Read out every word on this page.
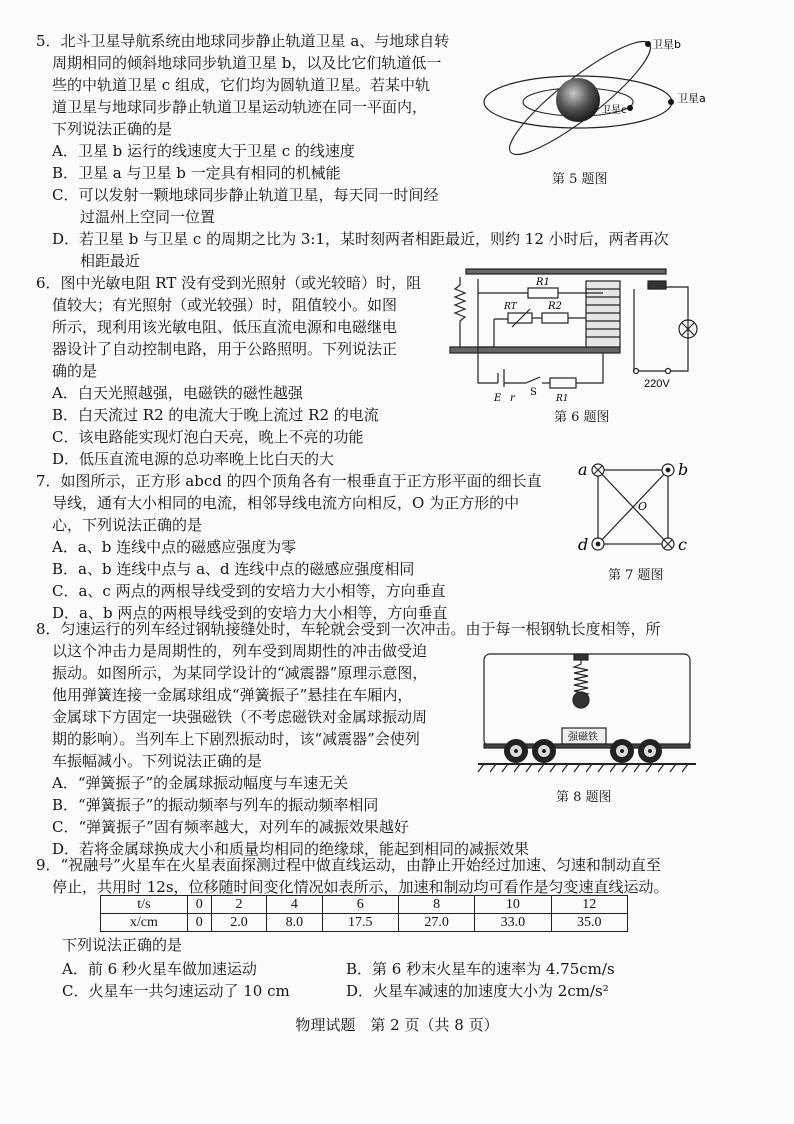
5．北斗卫星导航系统由地球同步静止轨道卫星 a、与地球自转
周期相同的倾斜地球同步轨道卫星 b，以及比它们轨道低一
些的中轨道卫星 c 组成，它们均为圆轨道卫星。若某中轨
道卫星与地球同步静止轨道卫星运动轨迹在同一平面内，
下列说法正确的是
A．卫星 b 运行的线速度大于卫星 c 的线速度
B．卫星 a 与卫星 b 一定具有相同的机械能
C．可以发射一颗地球同步静止轨道卫星，每天同一时间经
过温州上空同一位置
D．若卫星 b 与卫星 c 的周期之比为 3:1，某时刻两者相距最近，则约 12 小时后，两者再次
相距最近
卫星b
卫星c
卫星a
第 5 题图
6．图中光敏电阻 RT 没有受到光照射（或光较暗）时，阻
值较大；有光照射（或光较强）时，阻值较小。如图
所示，现利用该光敏电阻、低压直流电源和电磁继电
器设计了自动控制电路，用于公路照明。下列说法正
确的是
A．白天光照越强，电磁铁的磁性越强
B．白天流过 R2 的电流大于晚上流过 R2 的电流
C．该电路能实现灯泡白天亮，晚上不亮的功能
D．低压直流电源的总功率晚上比白天的大
R1
RT	R2
E r
S
R1
220V
第 6 题图
7．如图所示，正方形 abcd 的四个顶角各有一根垂直于正方形平面的细长直
导线，通有大小相同的电流，相邻导线电流方向相反，O 为正方形的中
心，下列说法正确的是
A．a、b 连线中点的磁感应强度为零
B．a、b 连线中点与 a、d 连线中点的磁感应强度相同
C．a、c 两点的两根导线受到的安培力大小相等，方向垂直
D．a、b 两点的两根导线受到的安培力大小相等，方向垂直
a	b
c
d
O
第 7 题图
8．匀速运行的列车经过钢轨接缝处时，车轮就会受到一次冲击。由于每一根钢轨长度相等，所
以这个冲击力是周期性的，列车受到周期性的冲击做受迫
振动。如图所示，为某同学设计的“减震器”原理示意图，
他用弹簧连接一金属球组成“弹簧振子”悬挂在车厢内，
金属球下方固定一块强磁铁（不考虑磁铁对金属球振动周
期的影响）。当列车上下剧烈振动时，该“减震器”会使列
车振幅减小。下列说法正确的是
A．“弹簧振子”的金属球振动幅度与车速无关
B．“弹簧振子”的振动频率与列车的振动频率相同
C．“弹簧振子”固有频率越大，对列车的减振效果越好
D．若将金属球换成大小和质量均相同的绝缘球，能起到相同的减振效果
强磁铁
第 8 题图
9．“祝融号”火星车在火星表面探测过程中做直线运动，由静止开始经过加速、匀速和制动直至
停止，共用时 12s，位移随时间变化情况如表所示，加速和制动均可看作是匀变速直线运动。
t/s	0	2	4	6	8	10	12
x/cm	0	2.0	8.0	17.5	27.0	33.0	35.0
下列说法正确的是
A．前 6 秒火星车做加速运动	B．第 6 秒末火星车的速率为 4.75cm/s
C．火星车一共匀速运动了 10 cm	D．火星车减速的加速度大小为 2cm/s²
物理试题　第 2 页（共 8 页）
